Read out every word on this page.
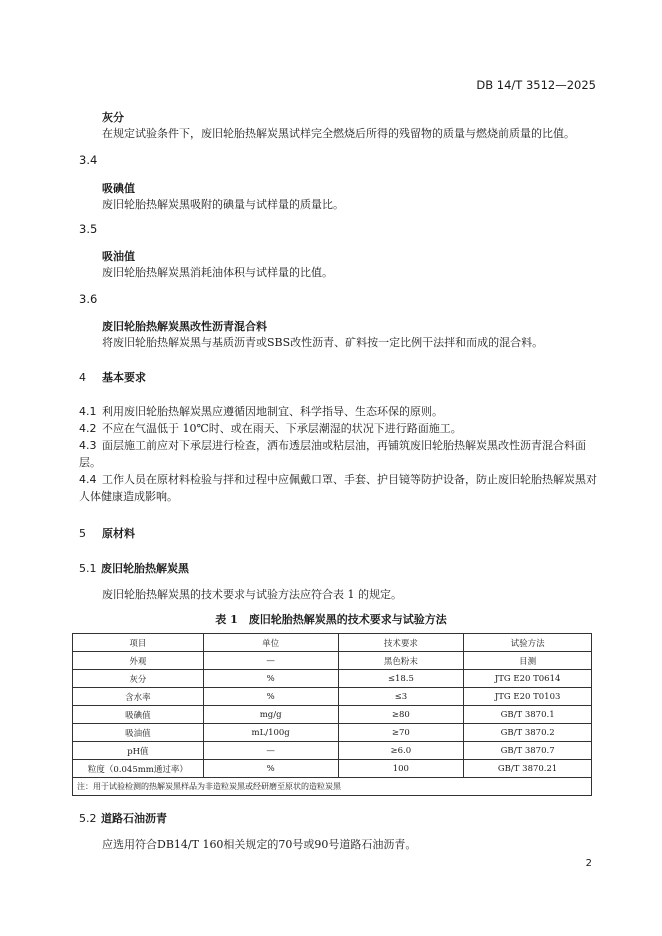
DB 14/T 3512—2025
灰分
在规定试验条件下，废旧轮胎热解炭黑试样完全燃烧后所得的残留物的质量与燃烧前质量的比值。
3.4
吸碘值
废旧轮胎热解炭黑吸附的碘量与试样量的质量比。
3.5
吸油值
废旧轮胎热解炭黑消耗油体积与试样量的比值。
3.6
废旧轮胎热解炭黑改性沥青混合料
将废旧轮胎热解炭黑与基质沥青或SBS改性沥青、矿料按一定比例干法拌和而成的混合料。
4 基本要求
4.1 利用废旧轮胎热解炭黑应遵循因地制宜、科学指导、生态环保的原则。
4.2 不应在气温低于 10℃时、或在雨天、下承层潮湿的状况下进行路面施工。
4.3 面层施工前应对下承层进行检查，洒布透层油或粘层油，再铺筑废旧轮胎热解炭黑改性沥青混合料面层。
4.4 工作人员在原材料检验与拌和过程中应佩戴口罩、手套、护目镜等防护设备，防止废旧轮胎热解炭黑对人体健康造成影响。
5 原材料
5.1 废旧轮胎热解炭黑
废旧轮胎热解炭黑的技术要求与试验方法应符合表 1 的规定。
表 1　废旧轮胎热解炭黑的技术要求与试验方法
项目	单位	技术要求	试验方法
外观	—	黑色粉末	目测
灰分	%	≤18.5	JTG E20 T0614
含水率	%	≤3	JTG E20 T0103
吸碘值	mg/g	≥80	GB/T 3870.1
吸油值	mL/100g	≥70	GB/T 3870.2
pH值	—	≥6.0	GB/T 3870.7
粒度（0.045mm通过率）	%	100	GB/T 3870.21
注：用于试验检测的热解炭黑样品为非造粒炭黑或经研磨至原状的造粒炭黑			
5.2 道路石油沥青
应选用符合DB14/T 160相关规定的70号或90号道路石油沥青。
2
